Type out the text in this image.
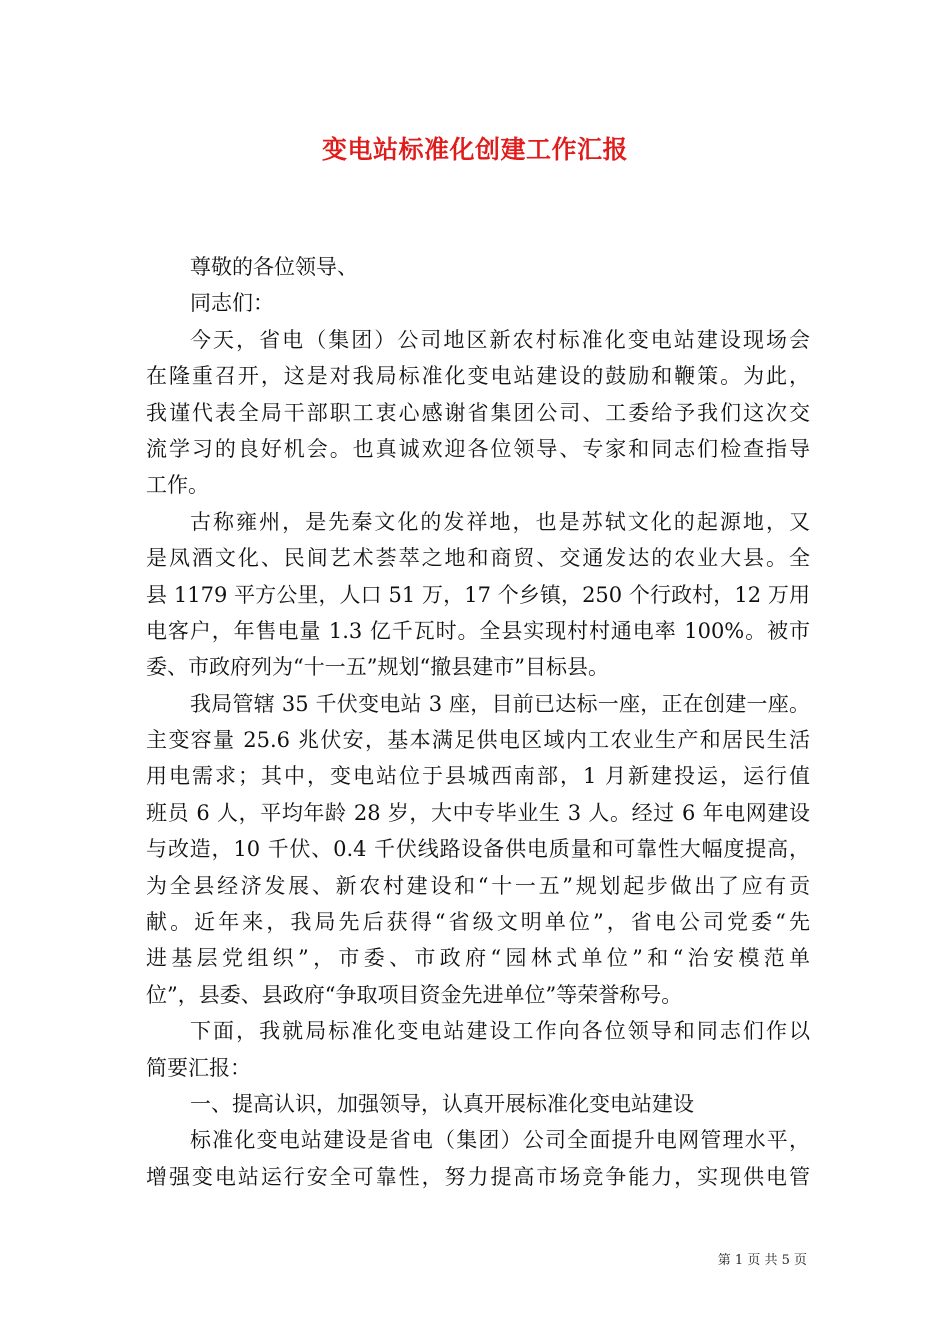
变电站标准化创建工作汇报
尊敬的各位领导、
同志们：
今天，省电（集团）公司地区新农村标准化变电站建设现场会
在隆重召开，这是对我局标准化变电站建设的鼓励和鞭策。为此，
我谨代表全局干部职工衷心感谢省集团公司、工委给予我们这次交
流学习的良好机会。也真诚欢迎各位领导、专家和同志们检查指导
工作。
古称雍州，是先秦文化的发祥地，也是苏轼文化的起源地，又
是凤酒文化、民间艺术荟萃之地和商贸、交通发达的农业大县。全
县 1179 平方公里，人口 51 万，17 个乡镇，250 个行政村，12 万用
电客户，年售电量 1.3 亿千瓦时。全县实现村村通电率 100%。被市
委、市政府列为“十一五”规划“撤县建市”目标县。
我局管辖 35 千伏变电站 3 座，目前已达标一座，正在创建一座。
主变容量 25.6 兆伏安，基本满足供电区域内工农业生产和居民生活
用电需求；其中，变电站位于县城西南部，1 月新建投运，运行值
班员 6 人，平均年龄 28 岁，大中专毕业生 3 人。经过 6 年电网建设
与改造，10 千伏、0.4 千伏线路设备供电质量和可靠性大幅度提高，
为全县经济发展、新农村建设和“十一五”规划起步做出了应有贡
献。近年来，我局先后获得“省级文明单位”，省电公司党委“先
进基层党组织”，市委、市政府“园林式单位”和“治安模范单
位”，县委、县政府“争取项目资金先进单位”等荣誉称号。
下面，我就局标准化变电站建设工作向各位领导和同志们作以
简要汇报：
一、提高认识，加强领导，认真开展标准化变电站建设
标准化变电站建设是省电（集团）公司全面提升电网管理水平，
增强变电站运行安全可靠性，努力提高市场竞争能力，实现供电管
第 1 页 共 5 页
